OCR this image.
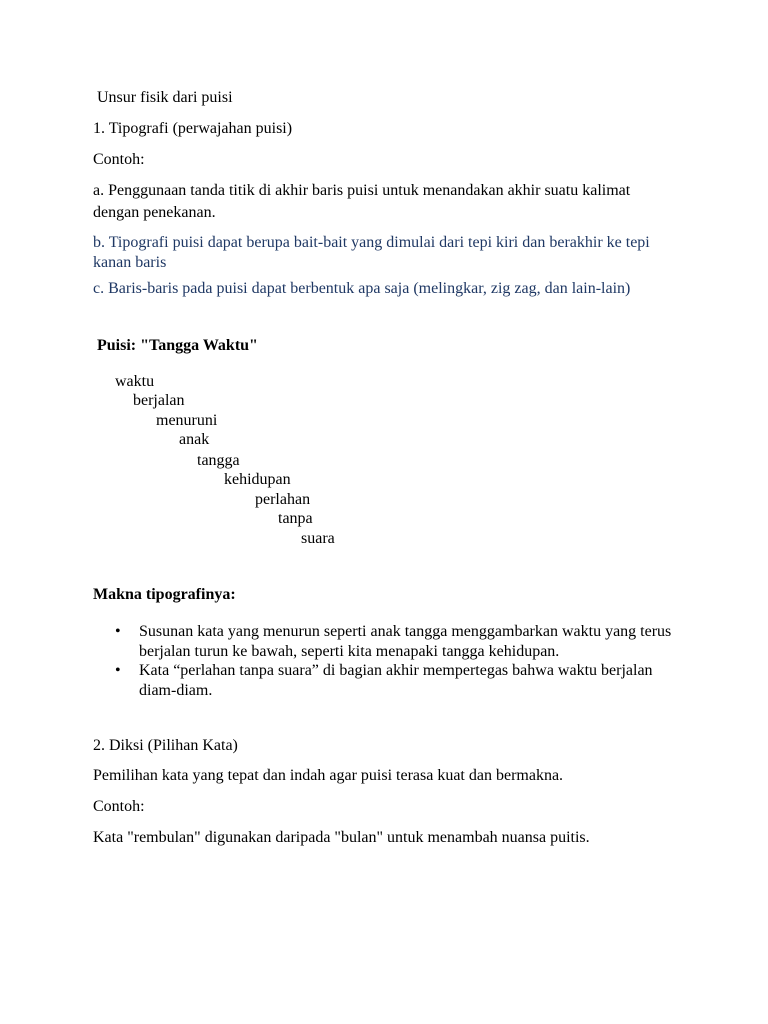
Unsur fisik dari puisi

1. Tipografi (perwajahan puisi)

Contoh:

a. Penggunaan tanda titik di akhir baris puisi untuk menandakan akhir suatu kalimat dengan penekanan.

b. Tipografi puisi dapat berupa bait-bait yang dimulai dari tepi kiri dan berakhir ke tepi kanan baris

c. Baris-baris pada puisi dapat berbentuk apa saja (melingkar, zig zag, dan lain-lain)

Puisi: "Tangga Waktu"

waktu

berjalan

menuruni

anak

tangga

kehidupan

perlahan

tanpa

suara

Makna tipografinya:

• Susunan kata yang menurun seperti anak tangga menggambarkan waktu yang terus berjalan turun ke bawah, seperti kita menapaki tangga kehidupan.
• Kata “perlahan tanpa suara” di bagian akhir mempertegas bahwa waktu berjalan diam-diam.

2. Diksi (Pilihan Kata)

Pemilihan kata yang tepat dan indah agar puisi terasa kuat dan bermakna.

Contoh:

Kata "rembulan" digunakan daripada "bulan" untuk menambah nuansa puitis.
